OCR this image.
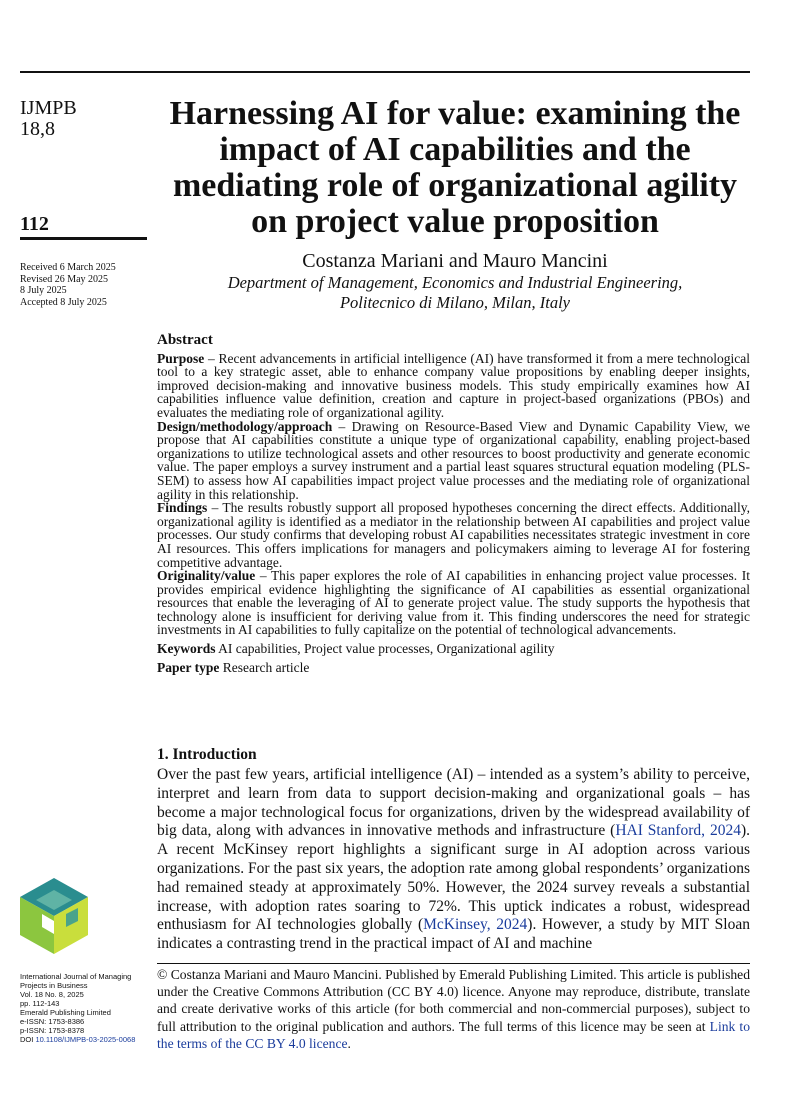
IJMPB
18,8
112
Received 6 March 2025
Revised 26 May 2025
8 July 2025
Accepted 8 July 2025
Harnessing AI for value: examining the impact of AI capabilities and the mediating role of organizational agility on project value proposition
Costanza Mariani and Mauro Mancini
Department of Management, Economics and Industrial Engineering,
Politecnico di Milano, Milan, Italy
Abstract

Purpose – Recent advancements in artificial intelligence (AI) have transformed it from a mere technological tool to a key strategic asset, able to enhance company value propositions by enabling deeper insights, improved decision-making and innovative business models. This study empirically examines how AI capabilities influence value definition, creation and capture in project-based organizations (PBOs) and evaluates the mediating role of organizational agility.

Design/methodology/approach – Drawing on Resource-Based View and Dynamic Capability View, we propose that AI capabilities constitute a unique type of organizational capability, enabling project-based organizations to utilize technological assets and other resources to boost productivity and generate economic value. The paper employs a survey instrument and a partial least squares structural equation modeling (PLS-SEM) to assess how AI capabilities impact project value processes and the mediating role of organizational agility in this relationship.

Findings – The results robustly support all proposed hypotheses concerning the direct effects. Additionally, organizational agility is identified as a mediator in the relationship between AI capabilities and project value processes. Our study confirms that developing robust AI capabilities necessitates strategic investment in core AI resources. This offers implications for managers and policymakers aiming to leverage AI for fostering competitive advantage.

Originality/value – This paper explores the role of AI capabilities in enhancing project value processes. It provides empirical evidence highlighting the significance of AI capabilities as essential organizational resources that enable the leveraging of AI to generate project value. The study supports the hypothesis that technology alone is insufficient for deriving value from it. This finding underscores the need for strategic investments in AI capabilities to fully capitalize on the potential of technological advancements.

Keywords AI capabilities, Project value processes, Organizational agility

Paper type Research article

1. Introduction

Over the past few years, artificial intelligence (AI) – intended as a system’s ability to perceive, interpret and learn from data to support decision-making and organizational goals – has become a major technological focus for organizations, driven by the widespread availability of big data, along with advances in innovative methods and infrastructure (HAI Stanford, 2024). A recent McKinsey report highlights a significant surge in AI adoption across various organizations. For the past six years, the adoption rate among global respondents’ organizations had remained steady at approximately 50%. However, the 2024 survey reveals a substantial increase, with adoption rates soaring to 72%. This uptick indicates a robust, widespread enthusiasm for AI technologies globally (McKinsey, 2024). However, a study by MIT Sloan indicates a contrasting trend in the practical impact of AI and machine

International Journal of Managing
Projects in Business
Vol. 18 No. 8, 2025
pp. 112-143
Emerald Publishing Limited
e-ISSN: 1753-8386
p-ISSN: 1753-8378
DOI 10.1108/IJMPB-03-2025-0068
© Costanza Mariani and Mauro Mancini. Published by Emerald Publishing Limited. This article is published under the Creative Commons Attribution (CC BY 4.0) licence. Anyone may reproduce, distribute, translate and create derivative works of this article (for both commercial and non-commercial purposes), subject to full attribution to the original publication and authors. The full terms of this licence may be seen at Link to the terms of the CC BY 4.0 licence.
